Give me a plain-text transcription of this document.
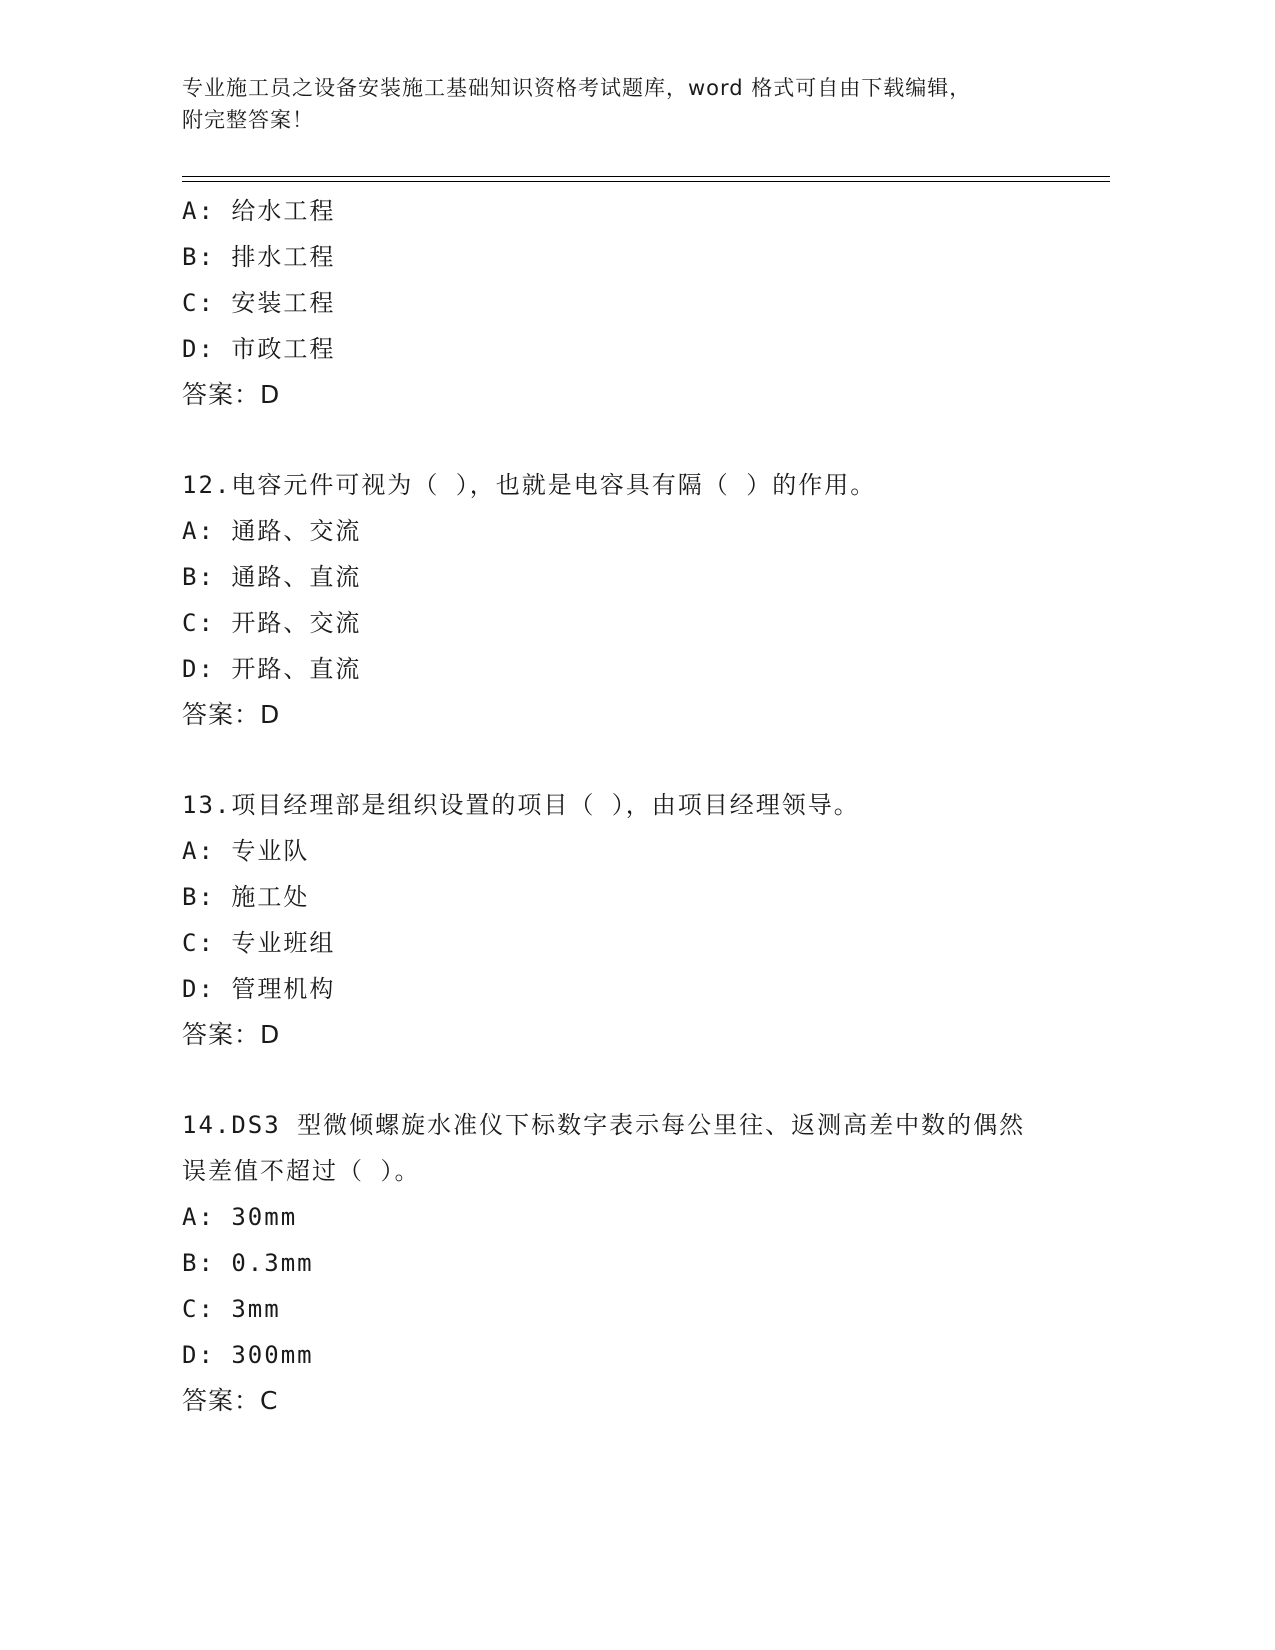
专业施工员之设备安装施工基础知识资格考试题库，word 格式可自由下载编辑，
附完整答案！
A: 给水工程
B: 排水工程
C: 安装工程
D: 市政工程
答案：D
12.电容元件可视为（ ），也就是电容具有隔（ ）的作用。
A: 通路、交流
B: 通路、直流
C: 开路、交流
D: 开路、直流
答案：D
13.项目经理部是组织设置的项目（ ），由项目经理领导。
A: 专业队
B: 施工处
C: 专业班组
D: 管理机构
答案：D
14.DS3 型微倾螺旋水准仪下标数字表示每公里往、返测高差中数的偶然误差值不超过（ ）。
A: 30mm
B: 0.3mm
C: 3mm
D: 300mm
答案：C
